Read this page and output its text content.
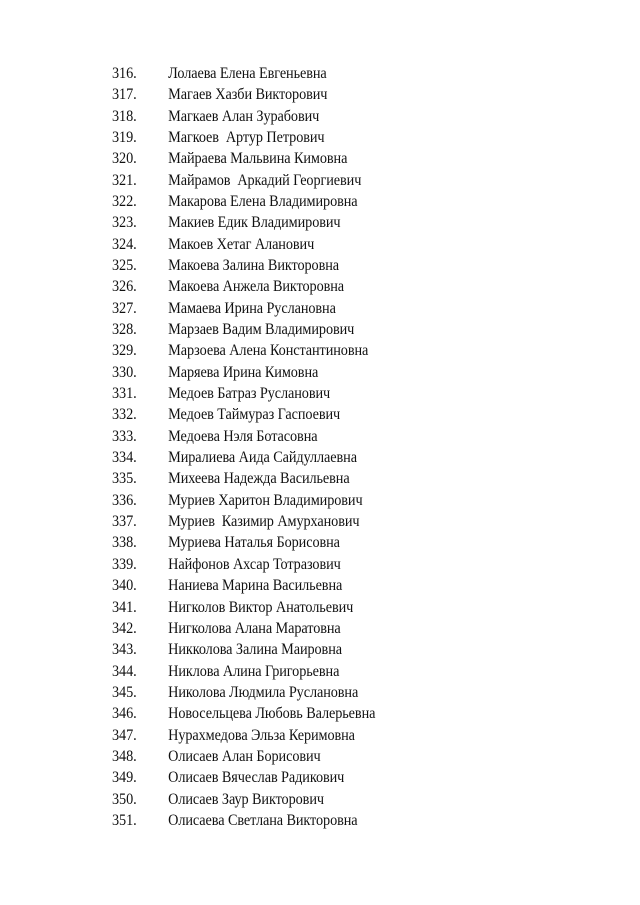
316.	Лолаева Елена Евгеньевна
317.	Магаев Хазби Викторович
318.	Магкаев Алан Зурабович
319.	Магкоев  Артур Петрович
320.	Майраева Мальвина Кимовна
321.	Майрамов  Аркадий Георгиевич
322.	Макарова Елена Владимировна
323.	Макиев Едик Владимирович
324.	Макоев Хетаг Аланович
325.	Макоева Залина Викторовна
326.	Макоева Анжела Викторовна
327.	Мамаева Ирина Руслановна
328.	Марзаев Вадим Владимирович
329.	Марзоева Алена Константиновна
330.	Маряева Ирина Кимовна
331.	Медоев Батраз Русланович
332.	Медоев Таймураз Гаспоевич
333.	Медоева Нэля Ботасовна
334.	Миралиева Аида Сайдуллаевна
335.	Михеева Надежда Васильевна
336.	Муриев Харитон Владимирович
337.	Муриев  Казимир Амурханович
338.	Муриева Наталья Борисовна
339.	Найфонов Ахсар Тотразович
340.	Наниева Марина Васильевна
341.	Нигколов Виктор Анатольевич
342.	Нигколова Алана Маратовна
343.	Никколова Залина Маировна
344.	Никлова Алина Григорьевна
345.	Николова Людмила Руслановна
346.	Новосельцева Любовь Валерьевна
347.	Нурахмедова Эльза Керимовна
348.	Олисаев Алан Борисович
349.	Олисаев Вячеслав Радикович
350.	Олисаев Заур Викторович
351.	Олисаева Светлана Викторовна
